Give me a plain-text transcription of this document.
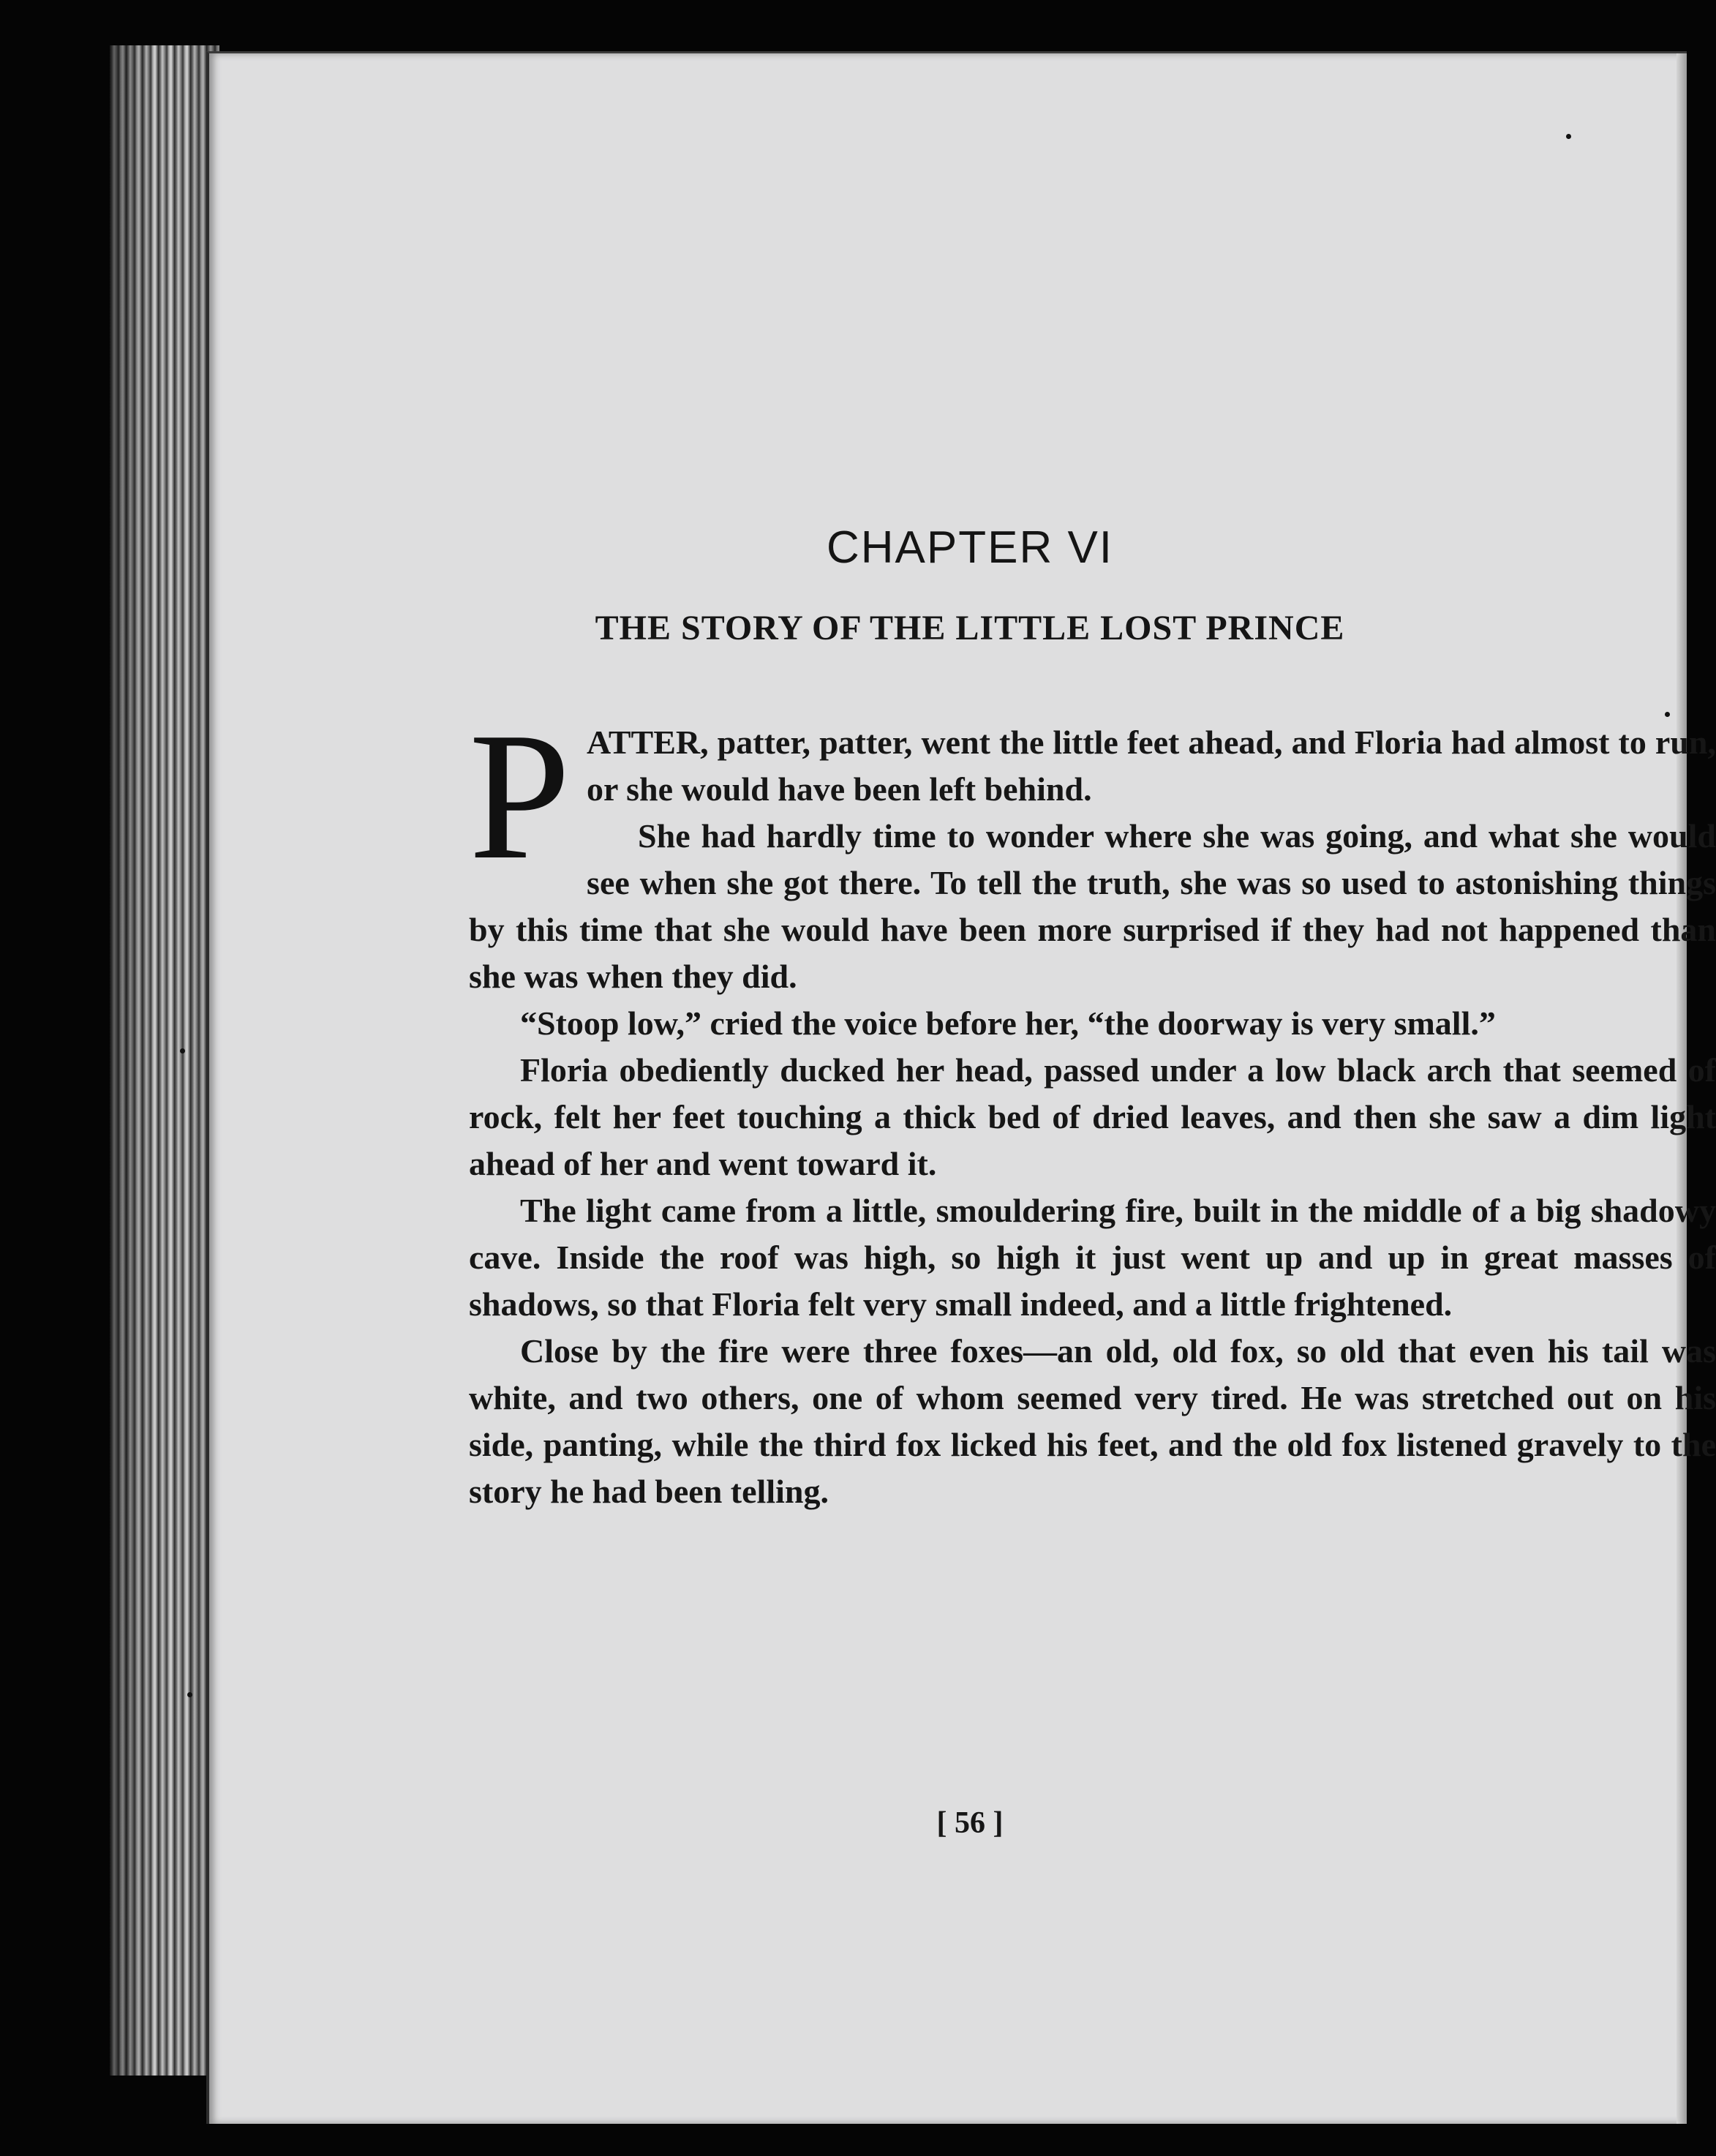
CHAPTER VI
THE STORY OF THE LITTLE LOST PRINCE

PATTER, patter, patter, went the little feet ahead, and Floria had almost to run, or she would have been left behind.

She had hardly time to wonder where she was going, and what she would see when she got there. To tell the truth, she was so used to astonishing things by this time that she would have been more surprised if they had not happened than she was when they did.

“Stoop low,” cried the voice before her, “the doorway is very small.”

Floria obediently ducked her head, passed under a low black arch that seemed of rock, felt her feet touching a thick bed of dried leaves, and then she saw a dim light ahead of her and went toward it.

The light came from a little, smouldering fire, built in the middle of a big shadowy cave. Inside the roof was high, so high it just went up and up in great masses of shadows, so that Floria felt very small indeed, and a little frightened.

Close by the fire were three foxes—an old, old fox, so old that even his tail was white, and two others, one of whom seemed very tired. He was stretched out on his side, panting, while the third fox licked his feet, and the old fox listened gravely to the story he had been telling.

[ 56 ]
